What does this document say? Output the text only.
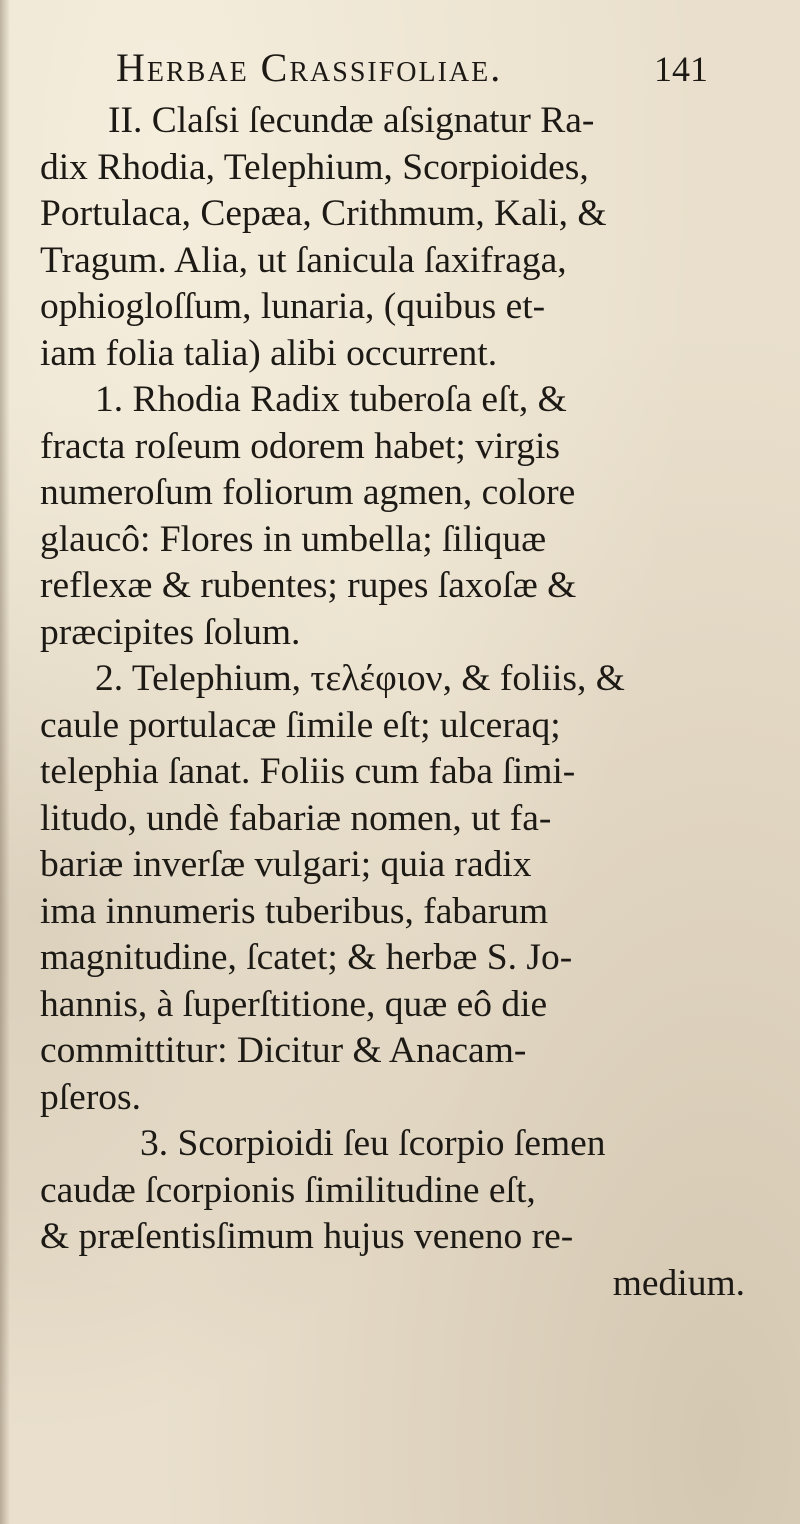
Herbae Crassifoliae.	141
II. Claſsi ſecundæ aſsignatur Ra-
dix Rhodia, Telephium, Scorpioides,
Portulaca, Cepæa, Crithmum, Kali, &
Tragum. Alia, ut ſanicula ſaxifraga,
ophiogloſſum, lunaria, (quibus et-
iam folia talia) alibi occurrent.
1. Rhodia Radix tuberoſa eſt, &
fracta roſeum odorem habet; virgis
numeroſum foliorum agmen, colore
glaucô: Flores in umbella; ſiliquæ
reflexæ & rubentes; rupes ſaxoſæ &
præcipites ſolum.
2. Telephium, τελέφιον, & foliis, &
caule portulacæ ſimile eſt; ulceraq;
telephia ſanat. Foliis cum faba ſimi-
litudo, undè fabariæ nomen, ut fa-
bariæ inverſæ vulgari; quia radix
ima innumeris tuberibus, fabarum
magnitudine, ſcatet; & herbæ S. Jo-
hannis, à ſuperſtitione, quæ eô die
committitur: Dicitur & Anacam-
pſeros.
3. Scorpioidi ſeu ſcorpio ſemen
caudæ ſcorpionis ſimilitudine eſt,
& præſentisſimum hujus veneno re-
medium.
